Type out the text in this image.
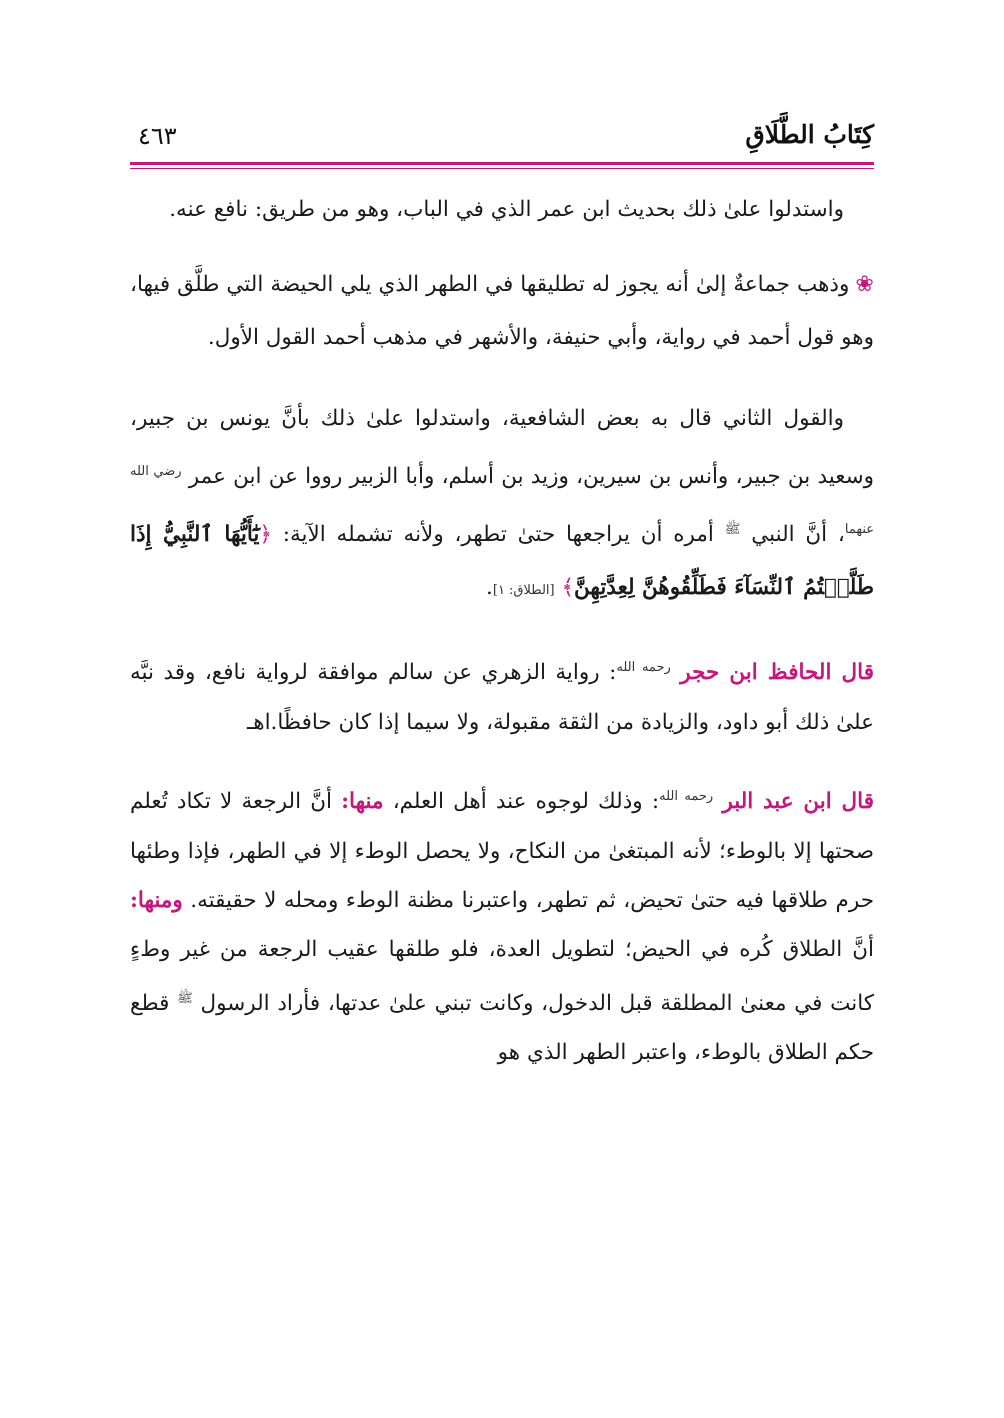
كِتَابُ الطَّلَاقِ
٤٦٣

واستدلوا علىٰ ذلك بحديث ابن عمر الذي في الباب، وهو من طريق: نافع عنه.

❀وذهب جماعةٌ إلىٰ أنه يجوز له تطليقها في الطهر الذي يلي الحيضة التي طلَّق فيها، وهو قول أحمد في رواية، وأبي حنيفة، والأشهر في مذهب أحمد القول الأول.

والقول الثاني قال به بعض الشافعية، واستدلوا علىٰ ذلك بأنَّ يونس بن جبير، وسعيد بن جبير، وأنس بن سيرين، وزيد بن أسلم، وأبا الزبير رووا عن ابن عمر $^{رضي الله عنهما}$، أنَّ النبي $^ﷺ$ أمره أن يراجعها حتىٰ تطهر، ولأنه تشمله الآية: ﴿يَٰٓأَيُّهَا ٱلنَّبِيُّ إِذَا طَلَّقۡتُمُ ٱلنِّسَآءَ فَطَلِّقُوهُنَّ لِعِدَّتِهِنَّ﴾ [الطلاق: ١].

قال الحافظ ابن حجر $^{رحمه الله}$: رواية الزهري عن سالم موافقة لرواية نافع، وقد نبَّه علىٰ ذلك أبو داود، والزيادة من الثقة مقبولة، ولا سيما إذا كان حافظًا.اهـ

قال ابن عبد البر $^{رحمه الله}$: وذلك لوجوه عند أهل العلم، منها: أنَّ الرجعة لا تكاد تُعلم صحتها إلا بالوطء؛ لأنه المبتغىٰ من النكاح، ولا يحصل الوطء إلا في الطهر، فإذا وطئها حرم طلاقها فيه حتىٰ تحيض، ثم تطهر، واعتبرنا مظنة الوطء ومحله لا حقيقته. ومنها: أنَّ الطلاق كُره في الحيض؛ لتطويل العدة، فلو طلقها عقيب الرجعة من غير وطءٍ كانت في معنىٰ المطلقة قبل الدخول، وكانت تبني علىٰ عدتها، فأراد الرسول $^ﷺ$ قطع حكم الطلاق بالوطء، واعتبر الطهر الذي هو
